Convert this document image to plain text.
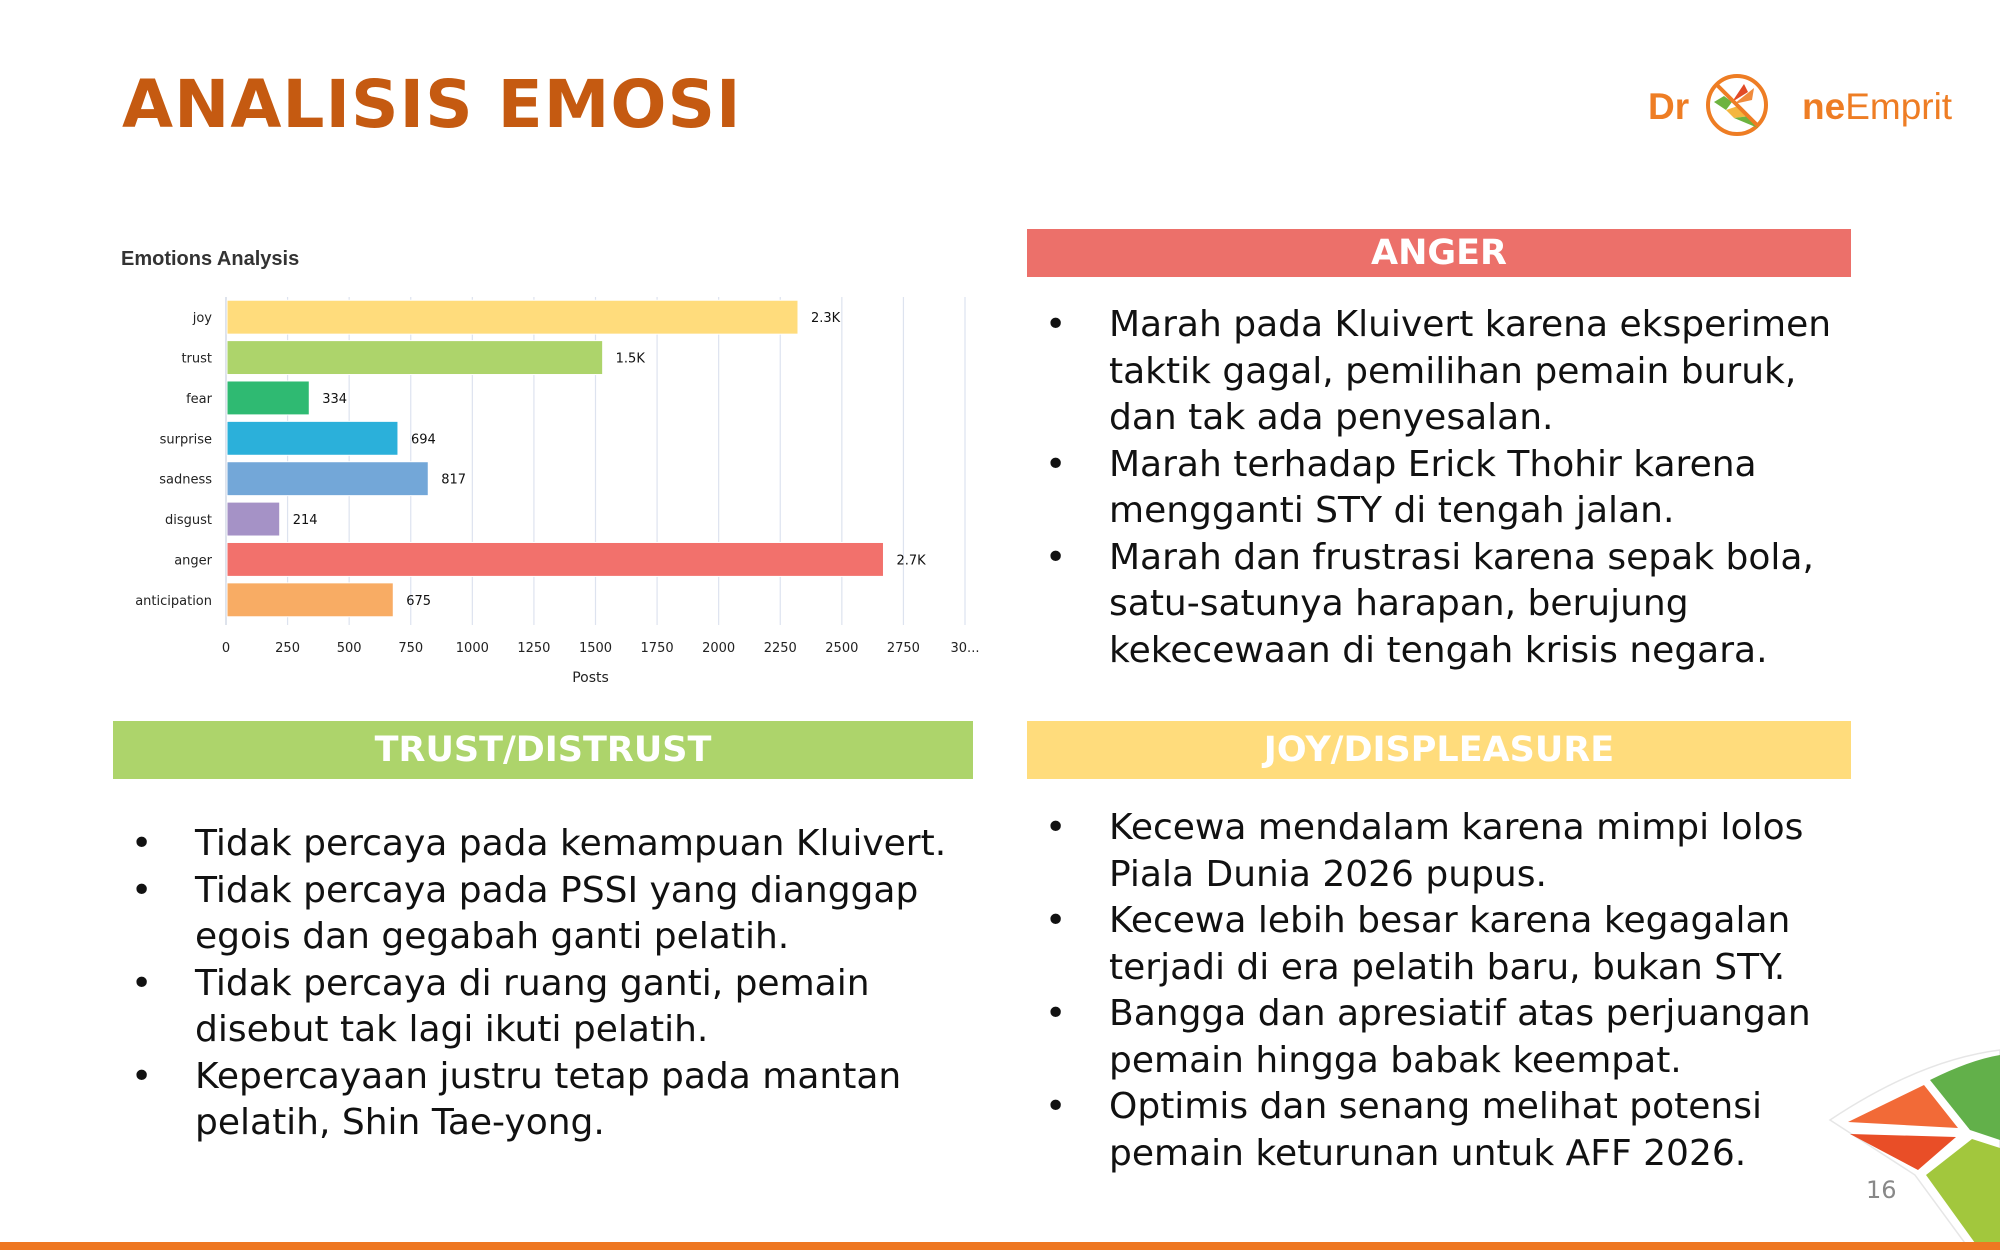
ANALISIS EMOSI	Dr	neEmprit
Emotions Analysis
0	250	500	750	1000 1250 1500 1750 2000 2250 2500 2750 30...
joy	2.3K
trust	1.5K
fear	334
surprise	694
sadness	817
disgust	214
anger	2.7K
anticipation	675
Posts
ANGER
• Marah pada Kluivert karena eksperimen taktik gagal, pemilihan pemain buruk, dan tak ada penyesalan.
• Marah terhadap Erick Thohir karena mengganti STY di tengah jalan.
• Marah dan frustrasi karena sepak bola, satu-satunya harapan, berujung kekecewaan di tengah krisis negara.
TRUST/DISTRUST
• Tidak percaya pada kemampuan Kluivert.
• Tidak percaya pada PSSI yang dianggap egois dan gegabah ganti pelatih.
• Tidak percaya di ruang ganti, pemain disebut tak lagi ikuti pelatih.
• Kepercayaan justru tetap pada mantan pelatih, Shin Tae-yong.
JOY/DISPLEASURE
• Kecewa mendalam karena mimpi lolos Piala Dunia 2026 pupus.
• Kecewa lebih besar karena kegagalan terjadi di era pelatih baru, bukan STY.
• Bangga dan apresiatif atas perjuangan pemain hingga babak keempat.
• Optimis dan senang melihat potensi pemain keturunan untuk AFF 2026.
16
